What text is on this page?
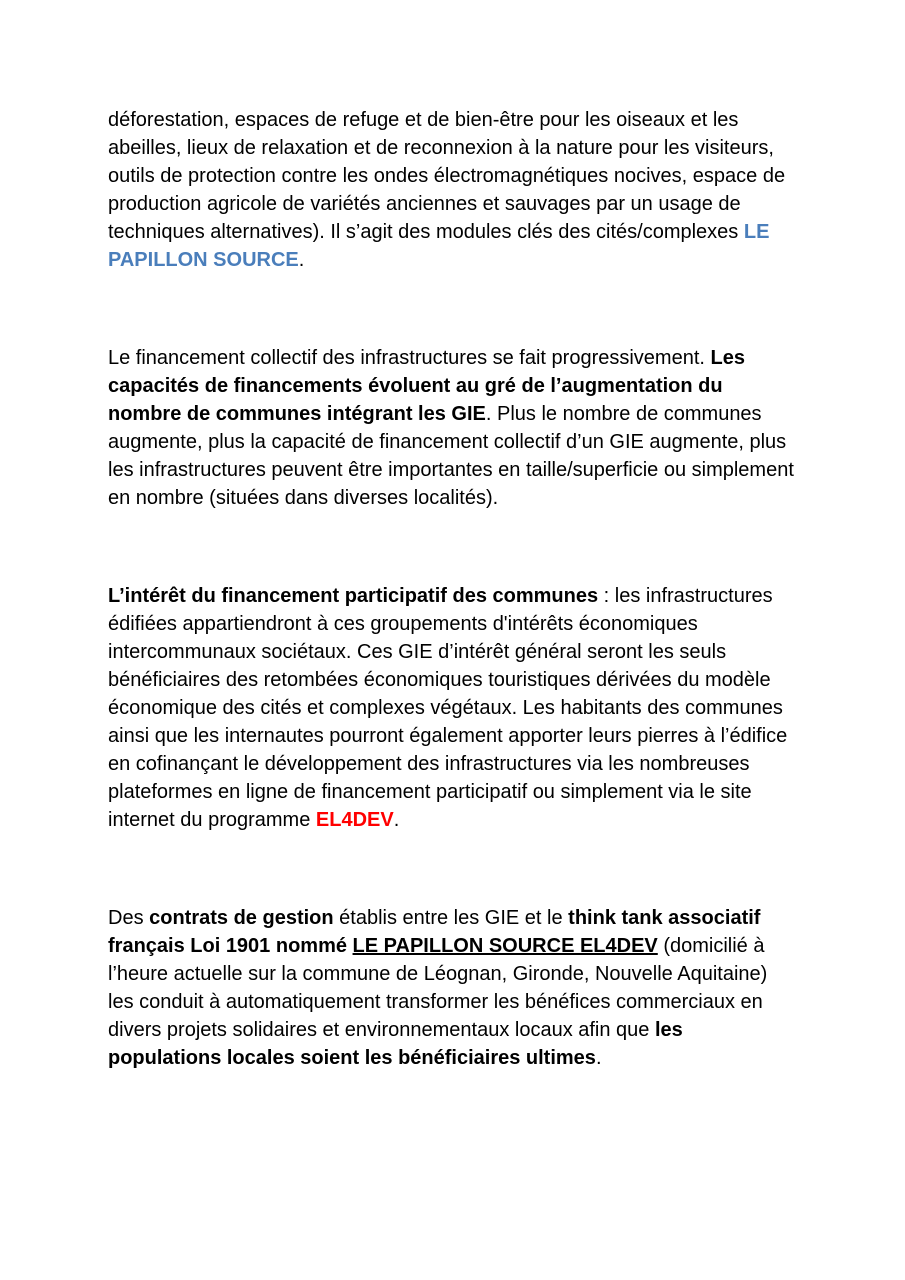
déforestation, espaces de refuge et de bien-être pour les oiseaux et les abeilles, lieux de relaxation et de reconnexion à la nature pour les visiteurs, outils de protection contre les ondes électromagnétiques nocives, espace de production agricole de variétés anciennes et sauvages par un usage de techniques alternatives). Il s’agit des modules clés des cités/complexes LE PAPILLON SOURCE.

Le financement collectif des infrastructures se fait progressivement. Les capacités de financements évoluent au gré de l’augmentation du nombre de communes intégrant les GIE. Plus le nombre de communes augmente, plus la capacité de financement collectif d’un GIE augmente, plus les infrastructures peuvent être importantes en taille/superficie ou simplement en nombre (situées dans diverses localités).

L’intérêt du financement participatif des communes : les infrastructures édifiées appartiendront à ces groupements d'intérêts économiques intercommunaux sociétaux. Ces GIE d’intérêt général seront les seuls bénéficiaires des retombées économiques touristiques dérivées du modèle économique des cités et complexes végétaux. Les habitants des communes ainsi que les internautes pourront également apporter leurs pierres à l’édifice en cofinançant le développement des infrastructures via les nombreuses plateformes en ligne de financement participatif ou simplement via le site internet du programme EL4DEV.

Des contrats de gestion établis entre les GIE et le think tank associatif français Loi 1901 nommé LE PAPILLON SOURCE EL4DEV (domicilié à l’heure actuelle sur la commune de Léognan, Gironde, Nouvelle Aquitaine) les conduit à automatiquement transformer les bénéfices commerciaux en divers projets solidaires et environnementaux locaux afin que les populations locales soient les bénéficiaires ultimes.
